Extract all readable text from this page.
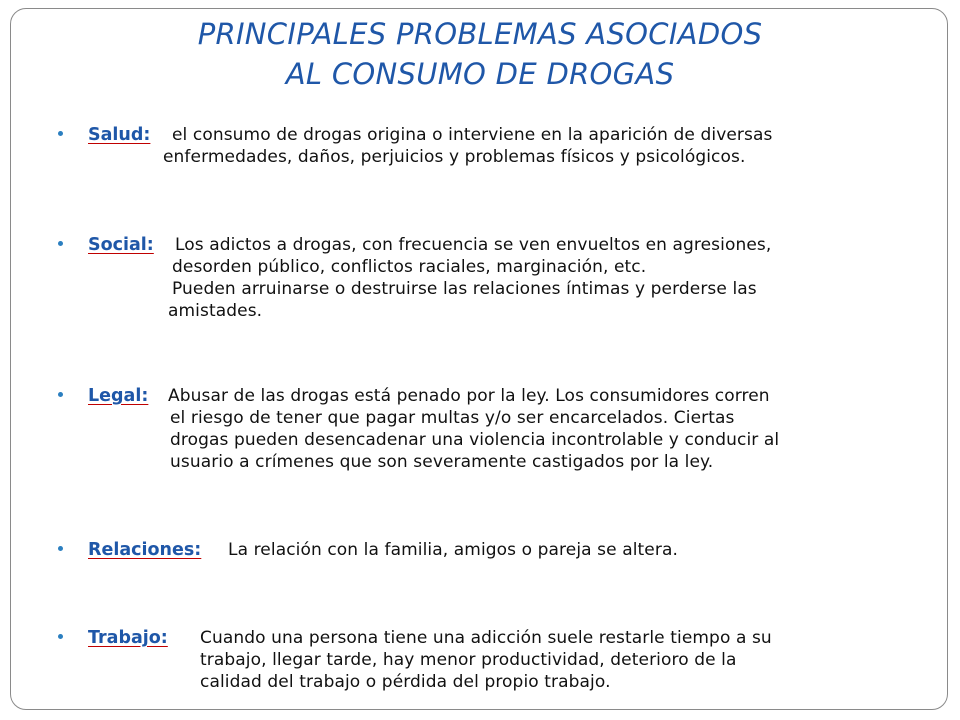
PRINCIPALES PROBLEMAS ASOCIADOS
AL CONSUMO DE DROGAS
Salud: el consumo de drogas origina o interviene en la aparición de diversas
enfermedades, daños, perjuicios y problemas físicos y psicológicos.
Social: Los adictos a drogas, con frecuencia se ven envueltos en agresiones,
desorden público, conflictos raciales, marginación, etc.
Pueden arruinarse o destruirse las relaciones íntimas y perderse las
amistades.
Legal: Abusar de las drogas está penado por la ley. Los consumidores corren
el riesgo de tener que pagar multas y/o ser encarcelados. Ciertas
drogas pueden desencadenar una violencia incontrolable y conducir al
usuario a crímenes que son severamente castigados por la ley.
Relaciones: La relación con la familia, amigos o pareja se altera.
Trabajo: Cuando una persona tiene una adicción suele restarle tiempo a su
trabajo, llegar tarde, hay menor productividad, deterioro de la
calidad del trabajo o pérdida del propio trabajo.
